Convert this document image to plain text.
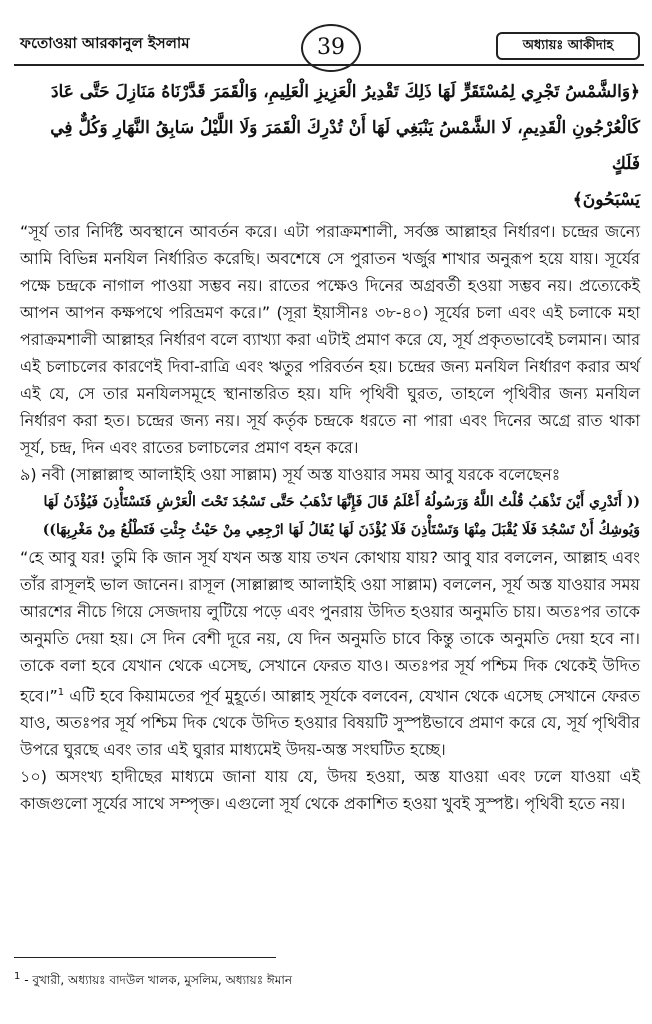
ফতোওয়া আরকানুল ইসলাম	39	অধ্যায়ঃ আকীদাহ

﴿وَالشَّمْسُ تَجْرِي لِمُسْتَقَرٍّ لَهَا ذَلِكَ تَقْدِيرُ الْعَزِيزِ الْعَلِيمِ، وَالْقَمَرَ قَدَّرْنَاهُ مَنَازِلَ حَتَّى عَادَ

كَالْعُرْجُونِ الْقَدِيمِ، لَا الشَّمْسُ يَنْبَغِي لَهَا أَنْ تُدْرِكَ الْقَمَرَ وَلَا اللَّيْلُ سَابِقُ النَّهَارِ وَكُلٌّ فِي فَلَكٍ

يَسْبَحُونَ﴾

“সূর্য তার নির্দিষ্ট অবস্থানে আবর্তন করে। এটা পরাক্রমশালী, সর্বজ্ঞ আল্লাহর নির্ধারণ। চন্দ্রের জন্যে আমি বিভিন্ন মনযিল নির্ধারিত করেছি। অবশেষে সে পুরাতন খর্জুর শাখার অনুরূপ হয়ে যায়। সূর্যের পক্ষে চন্দ্রকে নাগাল পাওয়া সম্ভব নয়। রাতের পক্ষেও দিনের অগ্রবর্তী হওয়া সম্ভব নয়। প্রত্যেকেই আপন আপন কক্ষপথে পরিভ্রমণ করে।” (সূরা ইয়াসীনঃ ৩৮-৪০) সূর্যের চলা এবং এই চলাকে মহা পরাক্রমশালী আল্লাহর নির্ধারণ বলে ব্যাখ্যা করা এটাই প্রমাণ করে যে, সূর্য প্রকৃতভাবেই চলমান। আর এই চলাচলের কারণেই দিবা-রাত্রি এবং ঋতুর পরিবর্তন হয়। চন্দ্রের জন্য মনযিল নির্ধারণ করার অর্থ এই যে, সে তার মনযিলসমূহে স্থানান্তরিত হয়। যদি পৃথিবী ঘুরত, তাহলে পৃথিবীর জন্য মনযিল নির্ধারণ করা হত। চন্দ্রের জন্য নয়। সূর্য কর্তৃক চন্দ্রকে ধরতে না পারা এবং দিনের অগ্রে রাত থাকা সূর্য, চন্দ্র, দিন এবং রাতের চলাচলের প্রমাণ বহন করে।

৯) নবী (সাল্লাল্লাহু আলাইহি ওয়া সাল্লাম) সূর্য অস্ত যাওয়ার সময় আবু যরকে বলেছেনঃ

(( أَتَدْرِي أَيْنَ تَذْهَبُ قُلْتُ اللَّهُ وَرَسُولُهُ أَعْلَمُ قَالَ فَإِنَّهَا تَذْهَبُ حَتَّى تَسْجُدَ تَحْتَ الْعَرْشِ فَتَسْتَأْذِنَ فَيُؤْذَنُ لَهَا

وَيُوشِكُ أَنْ تَسْجُدَ فَلَا يُقْبَلَ مِنْهَا وَتَسْتَأْذِنَ فَلَا يُؤْذَنَ لَهَا يُقَالُ لَهَا ارْجِعِي مِنْ حَيْثُ جِئْتِ فَتَطْلُعُ مِنْ مَغْرِبِهَا))

“হে আবু যর! তুমি কি জান সূর্য যখন অস্ত যায় তখন কোথায় যায়? আবু যার বললেন, আল্লাহ এবং তাঁর রাসূলই ভাল জানেন। রাসূল (সাল্লাল্লাহু আলাইহি ওয়া সাল্লাম) বললেন, সূর্য অস্ত যাওয়ার সময় আরশের নীচে গিয়ে সেজদায় লুটিয়ে পড়ে এবং পুনরায় উদিত হওয়ার অনুমতি চায়। অতঃপর তাকে অনুমতি দেয়া হয়। সে দিন বেশী দূরে নয়, যে দিন অনুমতি চাবে কিন্তু তাকে অনুমতি দেয়া হবে না। তাকে বলা হবে যেখান থেকে এসেছ, সেখানে ফেরত যাও। অতঃপর সূর্য পশ্চিম দিক থেকেই উদিত হবে।”$^1$ এটি হবে কিয়ামতের পূর্ব মুহূর্তে। আল্লাহ সূর্যকে বলবেন, যেখান থেকে এসেছ সেখানে ফেরত যাও, অতঃপর সূর্য পশ্চিম দিক থেকে উদিত হওয়ার বিষয়টি সুস্পষ্টভাবে প্রমাণ করে যে, সূর্য পৃথিবীর উপরে ঘুরছে এবং তার এই ঘুরার মাধ্যমেই উদয়-অস্ত সংঘটিত হচ্ছে।

১০) অসংখ্য হাদীছের মাধ্যমে জানা যায় যে, উদয় হওয়া, অস্ত যাওয়া এবং ঢলে যাওয়া এই কাজগুলো সূর্যের সাথে সম্পৃক্ত। এগুলো সূর্য থেকে প্রকাশিত হওয়া খুবই সুস্পষ্ট। পৃথিবী হতে নয়।

$^1$ - বুখারী, অধ্যায়ঃ বাদউল খালক, মুসলিম, অধ্যায়ঃ ঈমান
